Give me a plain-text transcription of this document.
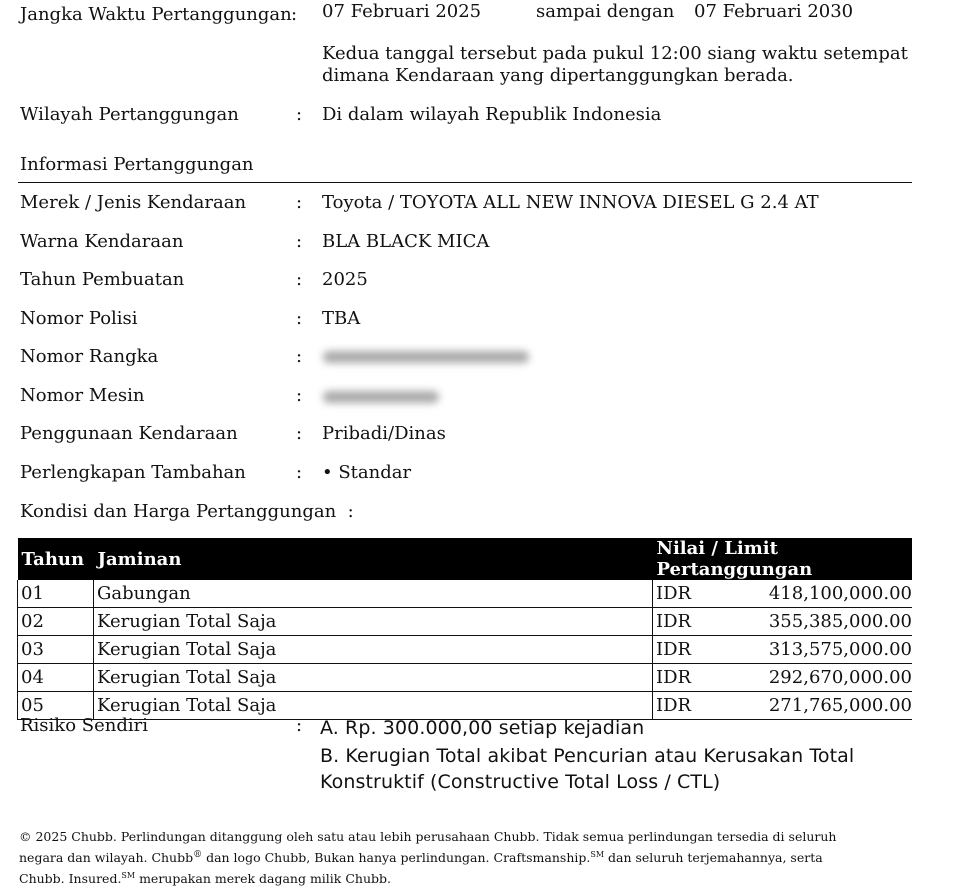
Jangka Waktu Pertanggungan : 07 Februari 2025	sampai dengan 07 Februari 2030
Kedua tanggal tersebut pada pukul 12:00 siang waktu setempat
dimana Kendaraan yang dipertanggungkan berada.
Wilayah Pertanggungan	: Di dalam wilayah Republik Indonesia
Informasi Pertanggungan
Merek / Jenis Kendaraan	: Toyota / TOYOTA ALL NEW INNOVA DIESEL G 2.4 AT
Warna Kendaraan	: BLA BLACK MICA
Tahun Pembuatan	: 2025
Nomor Polisi	: TBA
Nomor Rangka	:
Nomor Mesin	:
Penggunaan Kendaraan	: Pribadi/Dinas
Perlengkapan Tambahan	: • Standar
Kondisi dan Harga Pertanggungan  :
Tahun	Jaminan	Nilai / Limit Pertanggungan	
01	Gabungan	IDR	418,100,000.00
02	Kerugian Total Saja	IDR	355,385,000.00
03	Kerugian Total Saja	IDR	313,575,000.00
04	Kerugian Total Saja	IDR	292,670,000.00
05	Kerugian Total Saja	IDR	271,765,000.00
Risiko Sendiri	: A. Rp. 300.000,00 setiap kejadian
B. Kerugian Total akibat Pencurian atau Kerusakan Total
Konstruktif (Constructive Total Loss / CTL)
© 2025 Chubb. Perlindungan ditanggung oleh satu atau lebih perusahaan Chubb. Tidak semua perlindungan tersedia di seluruh
negara dan wilayah. Chubb® dan logo Chubb, Bukan hanya perlindungan. Craftsmanship.℠ dan seluruh terjemahannya, serta
Chubb. Insured.℠ merupakan merek dagang milik Chubb.
